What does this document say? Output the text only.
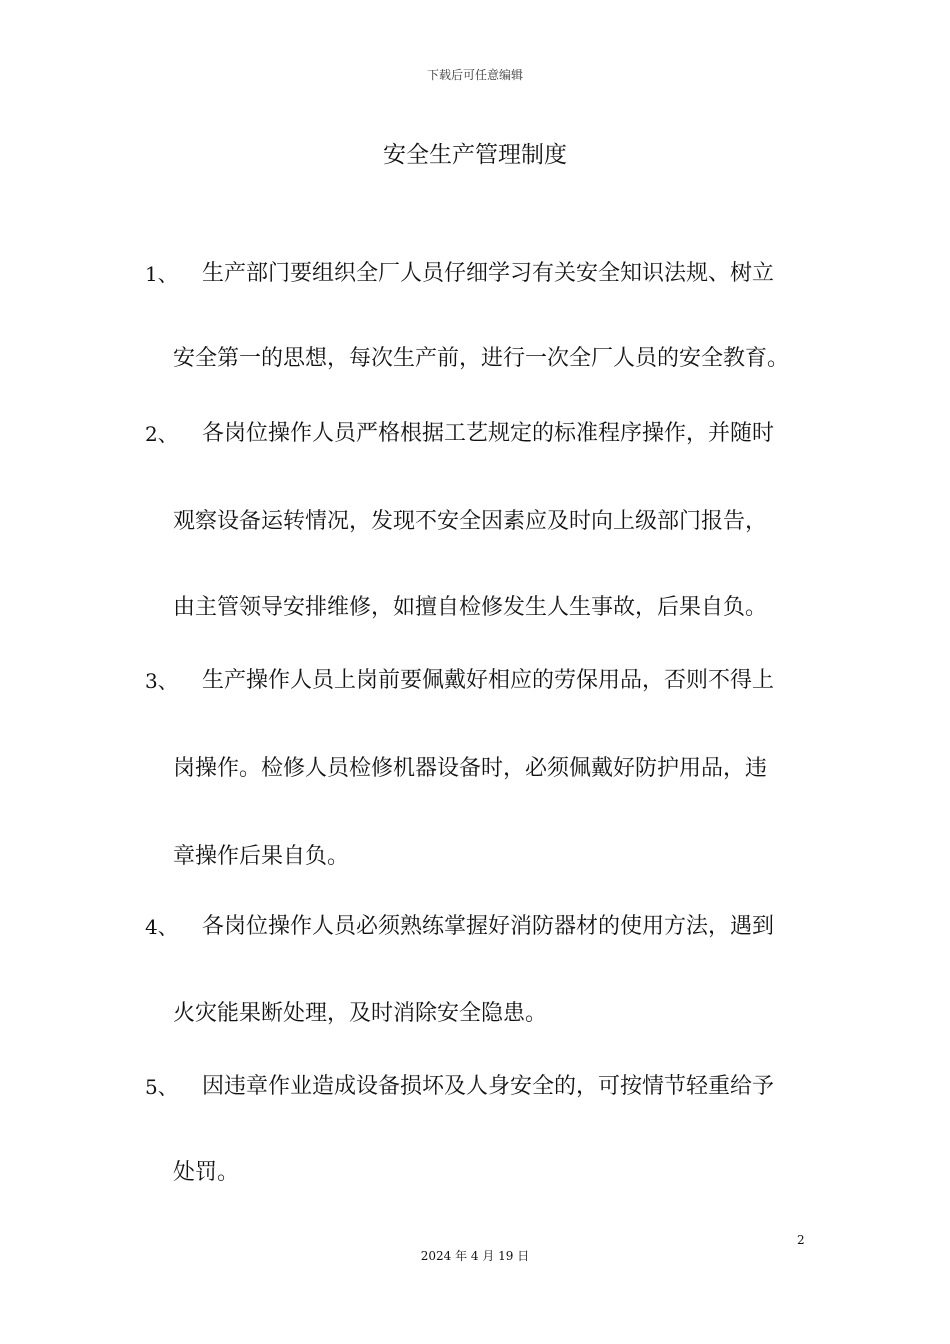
下载后可任意编辑
安全生产管理制度
1、 生产部门要组织全厂人员仔细学习有关安全知识法规、树立
安全第一的思想，每次生产前，进行一次全厂人员的安全教育。
2、 各岗位操作人员严格根据工艺规定的标准程序操作，并随时
观察设备运转情况，发现不安全因素应及时向上级部门报告，
由主管领导安排维修，如擅自检修发生人生事故，后果自负。
3、 生产操作人员上岗前要佩戴好相应的劳保用品，否则不得上
岗操作。检修人员检修机器设备时，必须佩戴好防护用品，违
章操作后果自负。
4、 各岗位操作人员必须熟练掌握好消防器材的使用方法，遇到
火灾能果断处理，及时消除安全隐患。
5、 因违章作业造成设备损坏及人身安全的，可按情节轻重给予
处罚。
2
2024 年 4 月 19 日
